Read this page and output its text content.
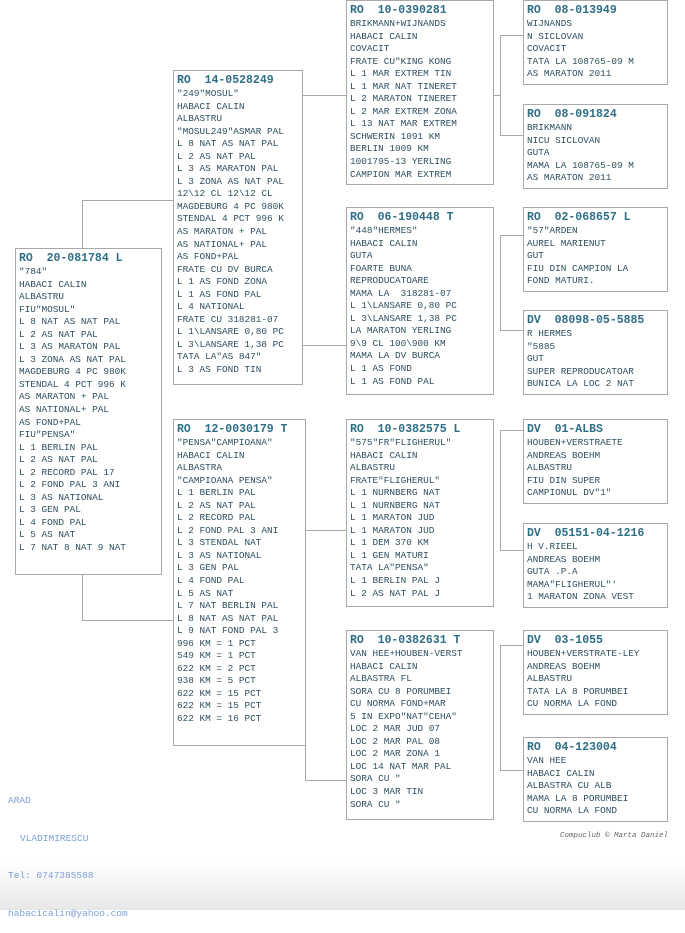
RO  20-081784 L
"784"
HABACI CALIN
ALBASTRU
FIU"MOSUL"
L 8 NAT AS NAT PAL
L 2 AS NAT PAL
L 3 AS MARATON PAL
L 3 ZONA AS NAT PAL
MAGDEBURG 4 PC 980K
STENDAL 4 PCT 996 K
AS MARATON + PAL
AS NATIONAL+ PAL
AS FOND+PAL
FIU"PENSA"
L 1 BERLIN PAL
L 2 AS NAT PAL
L 2 RECORD PAL 17
L 2 FOND PAL 3 ANI
L 3 AS NATIONAL
L 3 GEN PAL
L 4 FOND PAL
L 5 AS NAT
L 7 NAT 8 NAT 9 NAT
RO  14-0528249
"249"MOSUL"
HABACI CALIN
ALBASTRU
"MOSUL249"ASMAR PAL
L 8 NAT AS NAT PAL
L 2 AS NAT PAL
L 3 AS MARATON PAL
L 3 ZONA AS NAT PAL
12\12 CL 12\12 CL
MAGDEBURG 4 PC 980K
STENDAL 4 PCT 996 K
AS MARATON + PAL
AS NATIONAL+ PAL
AS FOND+PAL
FRATE CU DV BURCA
L 1 AS FOND ZONA
L 1 AS FOND PAL
L 4 NATIONAL
FRATE CU 318281-07
L 1\LANSARE 0,80 PC
L 3\LANSARE 1,38 PC
TATA LA"AS 847"
L 3 AS FOND TIN
RO  12-0030179 T
"PENSA"CAMPIOANA"
HABACI CALIN
ALBASTRA
"CAMPIOANA PENSA"
L 1 BERLIN PAL
L 2 AS NAT PAL
L 2 RECORD PAL
L 2 FOND PAL 3 ANI
L 3 STENDAL NAT
L 3 AS NATIONAL
L 3 GEN PAL
L 4 FOND PAL
L 5 AS NAT
L 7 NAT BERLIN PAL
L 8 NAT AS NAT PAL
L 9 NAT FOND PAL 3
996 KM = 1 PCT
549 KM = 1 PCT
622 KM = 2 PCT
938 KM = 5 PCT
622 KM = 15 PCT
622 KM = 15 PCT
622 KM = 16 PCT
RO  10-0390281
BRIKMANN+WIJNANDS
HABACI CALIN
COVACIT
FRATE CU"KING KONG
L 1 MAR EXTREM TIN
L 1 MAR NAT TINERET
L 2 MARATON TINERET
L 2 MAR EXTREM ZONA
L 13 NAT MAR EXTREM
SCHWERIN 1091 KM
BERLIN 1009 KM
1001795-13 YERLING
CAMPION MAR EXTREM
RO  06-190448 T
"448"HERMES"
HABACI CALIN
GUTA
FOARTE BUNA
REPRODUCATOARE
MAMA LA  318281-07
L 1\LANSARE 0,80 PC
L 3\LANSARE 1,38 PC
LA MARATON YERLING
9\9 CL 100\900 KM
MAMA LA DV BURCA
L 1 AS FOND
L 1 AS FOND PAL
RO  10-0382575 L
"575"FR"FLIGHERUL"
HABACI CALIN
ALBASTRU
FRATE"FLIGHERUL"
L 1 NURNBERG NAT
L 1 NURNBERG NAT
L 1 MARATON JUD
L 1 MARATON JUD
L 1 DEM 370 KM
L 1 GEN MATURI
TATA LA"PENSA"
L 1 BERLIN PAL J
L 2 AS NAT PAL J
RO  10-0382631 T
VAN HEE+HOUBEN-VERST
HABACI CALIN
ALBASTRA FL
SORA CU 8 PORUMBEI
CU NORMA FOND+MAR
5 IN EXPO"NAT"CEHA"
LOC 2 MAR JUD 07
LOC 2 MAR PAL 08
LOC 2 MAR ZONA 1
LOC 14 NAT MAR PAL
SORA CU "
LOC 3 MAR TIN
SORA CU "
RO  08-013949
WIJNANDS
N SICLOVAN
COVACIT
TATA LA 108765-09 M
AS MARATON 2011
RO  08-091824
BRIKMANN
NICU SICLOVAN
GUTA
MAMA LA 108765-09 M
AS MARATON 2011
RO  02-068657 L
"57"ARDEN
AUREL MARIENUT
GUT
FIU DIN CAMPION LA
FOND MATURI.
DV  08098-05-5885
R HERMES
"5885
GUT
SUPER REPRODUCATOAR
BUNICA LA LOC 2 NAT
DV  01-ALBS
HOUBEN+VERSTRAETE
ANDREAS BOEHM
ALBASTRU
FIU DIN SUPER
CAMPIONUL DV"1"
DV  05151-04-1216
H V.RIEEL
ANDREAS BOEHM
GUTA .P.A
MAMA"FLIGHERUL"'
1 MARATON ZONA VEST
DV  03-1055
HOUBEN+VERSTRATE-LEY
ANDREAS BOEHM
ALBASTRU
TATA LA 8 PORUMBEI
CU NORMA LA FOND
RO  04-123004
VAN HEE
HABACI CALIN
ALBASTRA CU ALB
MAMA LA 8 PORUMBEI
CU NORMA LA FOND

ARAD

VLADIMIRESCU

Tel: 0747385588

habacicalin@yahoo.com

Compuclub © Marta Daniel
